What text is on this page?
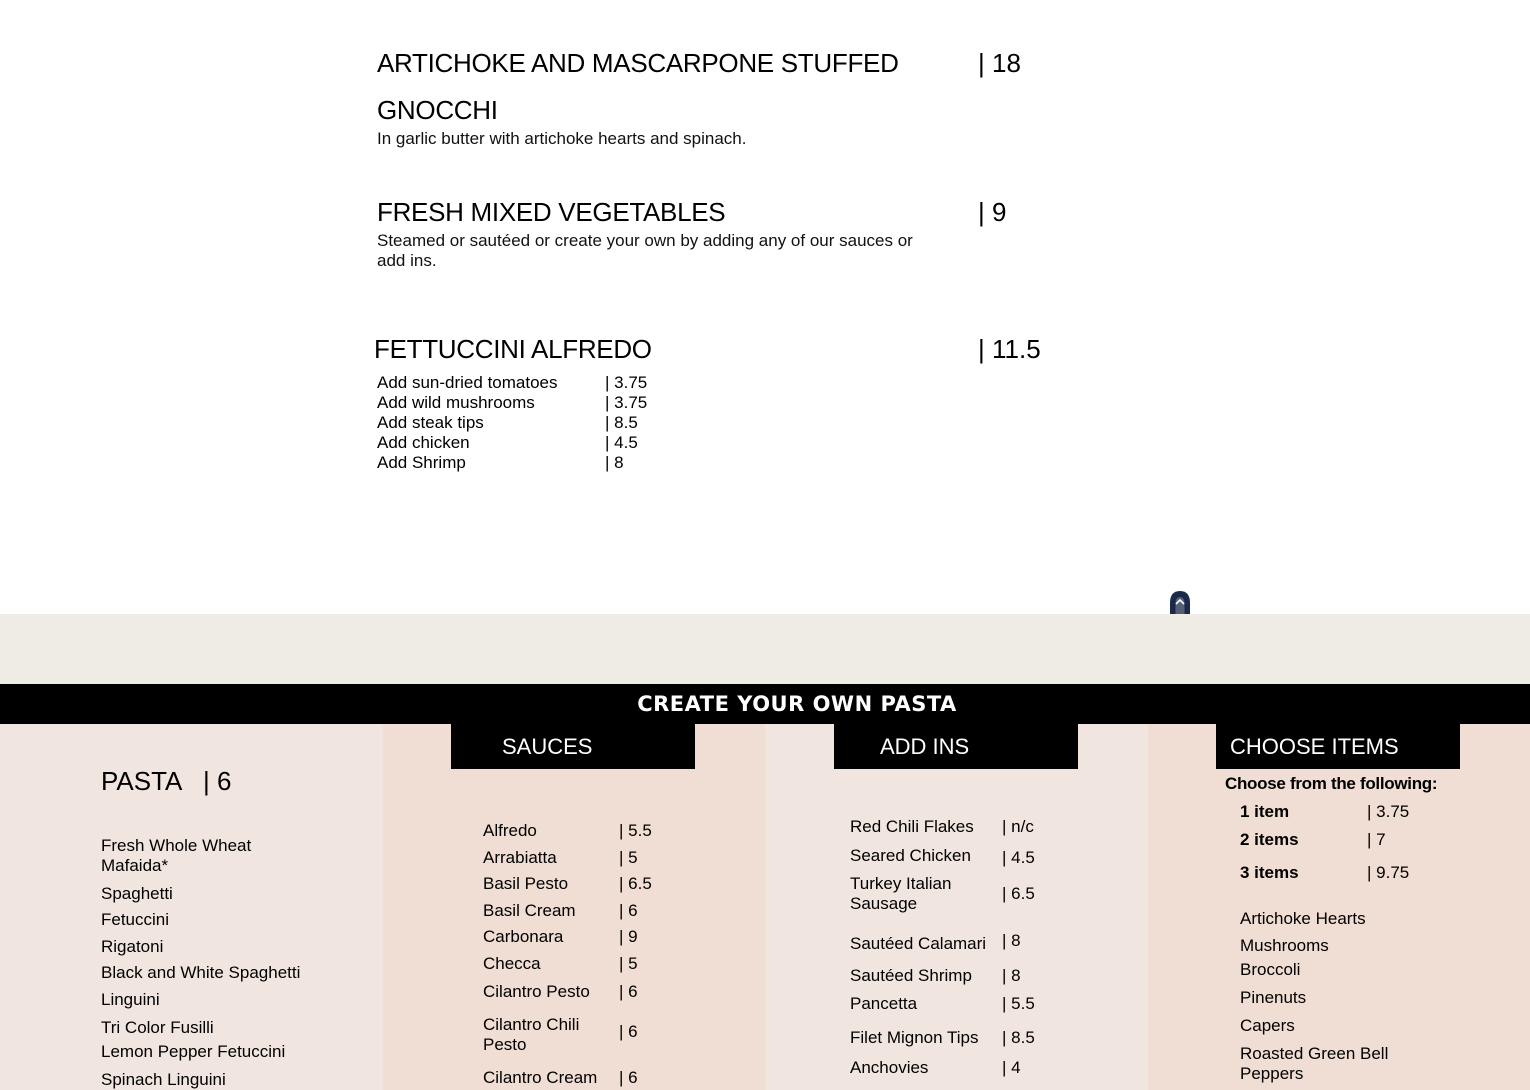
ARTICHOKE AND MASCARPONE STUFFED
GNOCCHI
| 18
In garlic butter with artichoke hearts and spinach.
FRESH MIXED VEGETABLES	| 9
Steamed or sautéed or create your own by adding any of our sauces or
add ins.
FETTUCCINI ALFREDO	| 11.5
Add sun-dried tomatoes	| 3.75
Add wild mushrooms	| 3.75
Add steak tips	| 8.5
Add chicken	| 4.5
Add Shrimp	| 8
CREATE YOUR OWN PASTA
PASTA | 6
Fresh Whole Wheat
Mafaida*
Spaghetti
Fetuccini
Rigatoni
Black and White Spaghetti
Linguini
Tri Color Fusilli
Lemon Pepper Fetuccini
Spinach Linguini
SAUCES
Alfredo	| 5.5
Arrabiatta	| 5
Basil Pesto	| 6.5
Basil Cream	| 6
Carbonara	| 9
Checca	| 5
Cilantro Pesto | 6
Cilantro Chili
Pesto
| 6
Cilantro Cream | 6
ADD INS
Red Chili Flakes | n/c
Seared Chicken | 4.5
Turkey Italian
Sausage
| 6.5
Sautéed Calamari | 8
Sautéed Shrimp | 8
Pancetta	| 5.5
Filet Mignon Tips | 8.5
Anchovies	| 4
CHOOSE ITEMS
Choose from the following:
1 item	| 3.75
2 items	| 7
3 items	| 9.75
Artichoke Hearts
Mushrooms
Broccoli
Pinenuts
Capers
Roasted Green Bell
Peppers
